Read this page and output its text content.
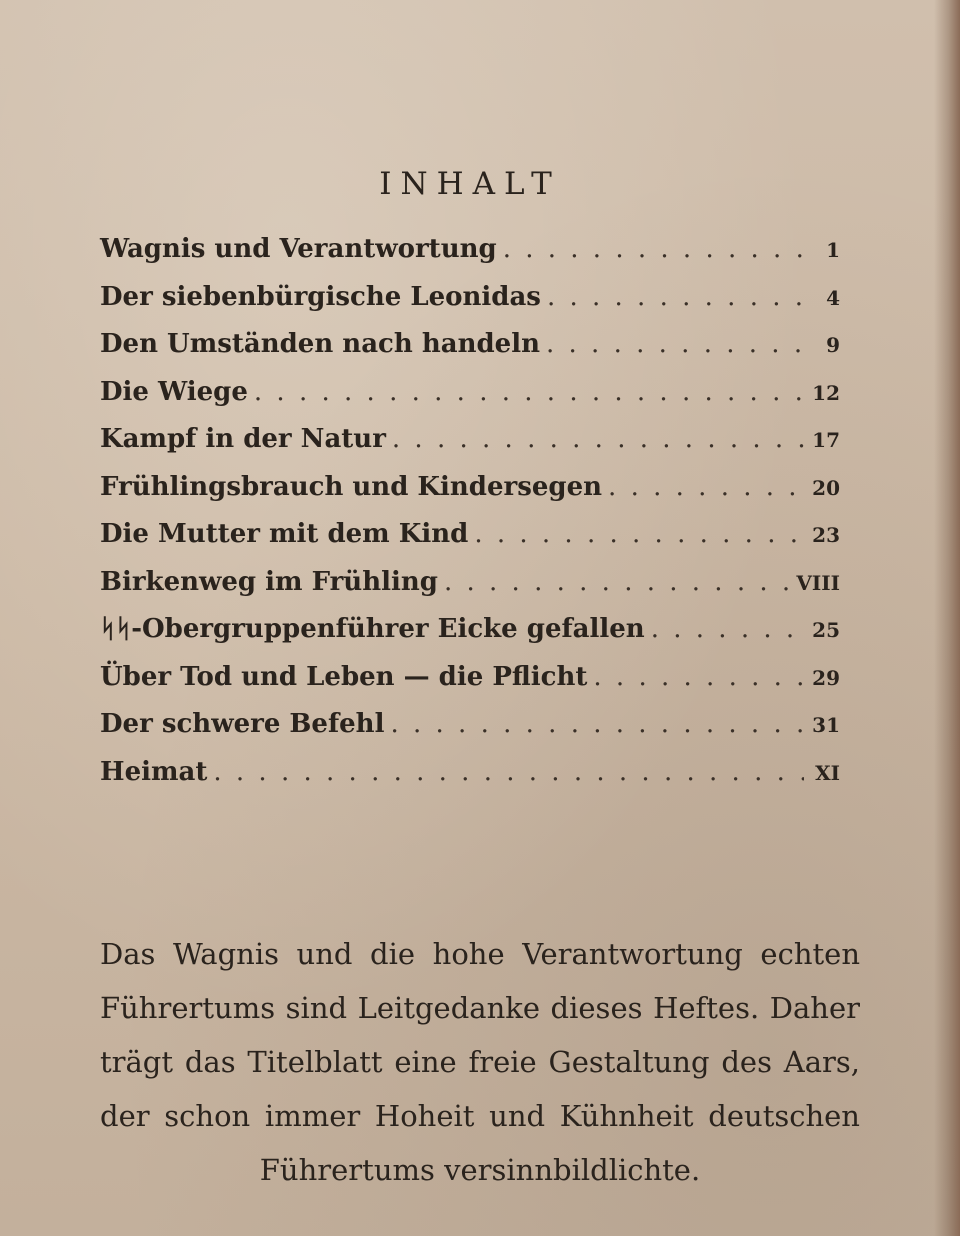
INHALT
Wagnis und Verantwortung . . .	1
Der siebenbürgische Leonidas . . .	4
Den Umständen nach handeln . . .	9
Die Wiege . . .	12
Kampf in der Natur . . .	17
Frühlingsbrauch und Kindersegen . . .	20
Die Mutter mit dem Kind . . .	23
Birkenweg im Frühling . . .	VIII
ᛋᛋ-Obergruppenführer Eicke gefallen . . .	25
Über Tod und Leben — die Pflicht . . .	29
Der schwere Befehl . . .	31
Heimat . . .	XI

Das Wagnis und die hohe Verantwortung echten Führertums sind Leitgedanke dieses Heftes. Daher trägt das Titelblatt eine freie Gestaltung des Aars, der schon immer Hoheit und Kühnheit deutschen Führertums versinnbildlichte.
